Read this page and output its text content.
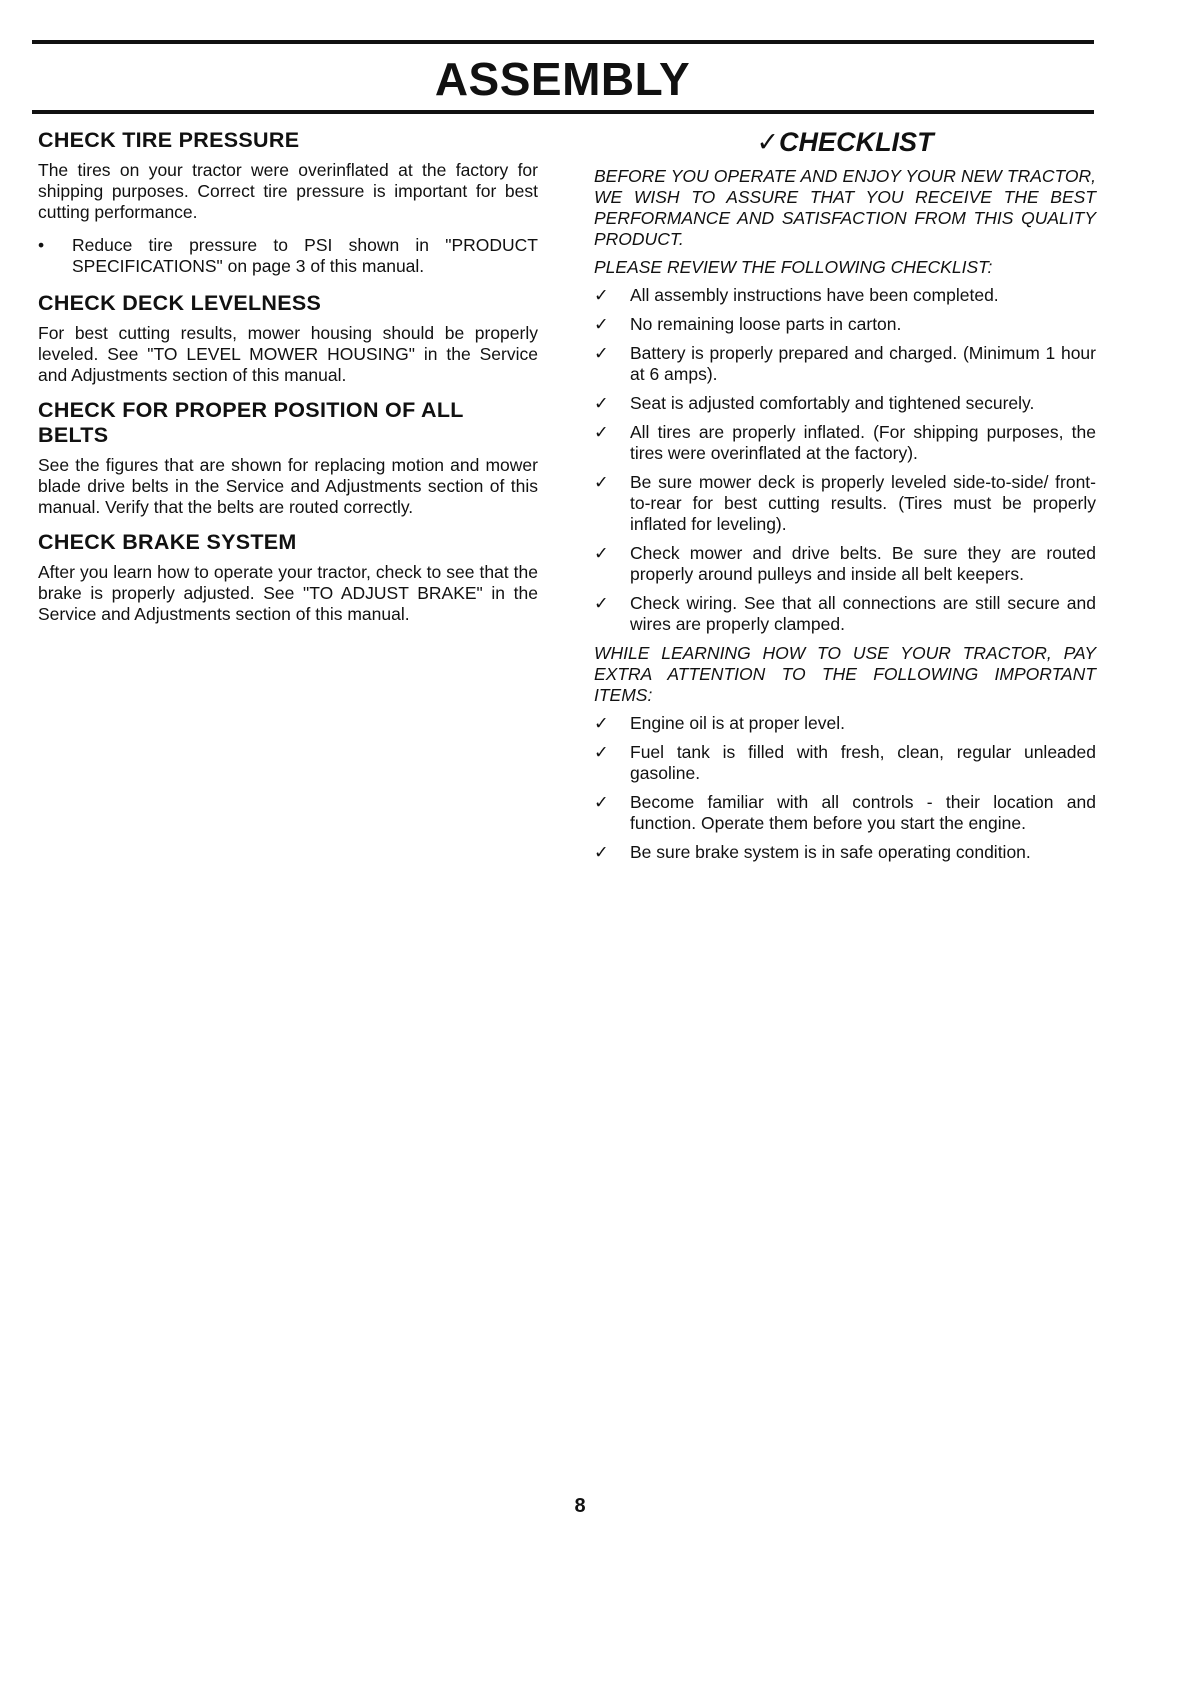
ASSEMBLY
CHECK TIRE PRESSURE

The tires on your tractor were overinflated at the factory for shipping purposes. Correct tire pressure is important for best cutting performance.

•	Reduce tire pressure to PSI shown in "PRODUCT SPECIFICATIONS" on page 3 of this manual.
CHECK DECK LEVELNESS

For best cutting results, mower housing should be properly leveled. See "TO LEVEL MOWER HOUSING" in the Service and Adjustments section of this manual.

CHECK FOR PROPER POSITION OF ALL BELTS

See the figures that are shown for replacing motion and mower blade drive belts in the Service and Adjustments section of this manual. Verify that the belts are routed correctly.

CHECK BRAKE SYSTEM

After you learn how to operate your tractor, check to see that the brake is properly adjusted. See "TO ADJUST BRAKE" in the Service and Adjustments section of this manual.

✓CHECKLIST

BEFORE YOU OPERATE AND ENJOY YOUR NEW TRACTOR, WE WISH TO ASSURE THAT YOU RECEIVE THE BEST PERFORMANCE AND SATISFACTION FROM THIS QUALITY PRODUCT.

PLEASE REVIEW THE FOLLOWING CHECKLIST:

✓	All assembly instructions have been completed.
✓	No remaining loose parts in carton.
✓	Battery is properly prepared and charged. (Minimum 1 hour at 6 amps).
✓	Seat is adjusted comfortably and tightened securely.
✓	All tires are properly inflated. (For shipping purposes, the tires were overinflated at the factory).
✓	Be sure mower deck is properly leveled side-to-side/ front-to-rear for best cutting results. (Tires must be properly inflated for leveling).
✓	Check mower and drive belts. Be sure they are routed properly around pulleys and inside all belt keepers.
✓	Check wiring. See that all connections are still secure and wires are properly clamped.

WHILE LEARNING HOW TO USE YOUR TRACTOR, PAY EXTRA ATTENTION TO THE FOLLOWING IMPORTANT ITEMS:

✓	Engine oil is at proper level.
✓	Fuel tank is filled with fresh, clean, regular unleaded gasoline.
✓	Become familiar with all controls - their location and function. Operate them before you start the engine.
✓	Be sure brake system is in safe operating condition.
8
